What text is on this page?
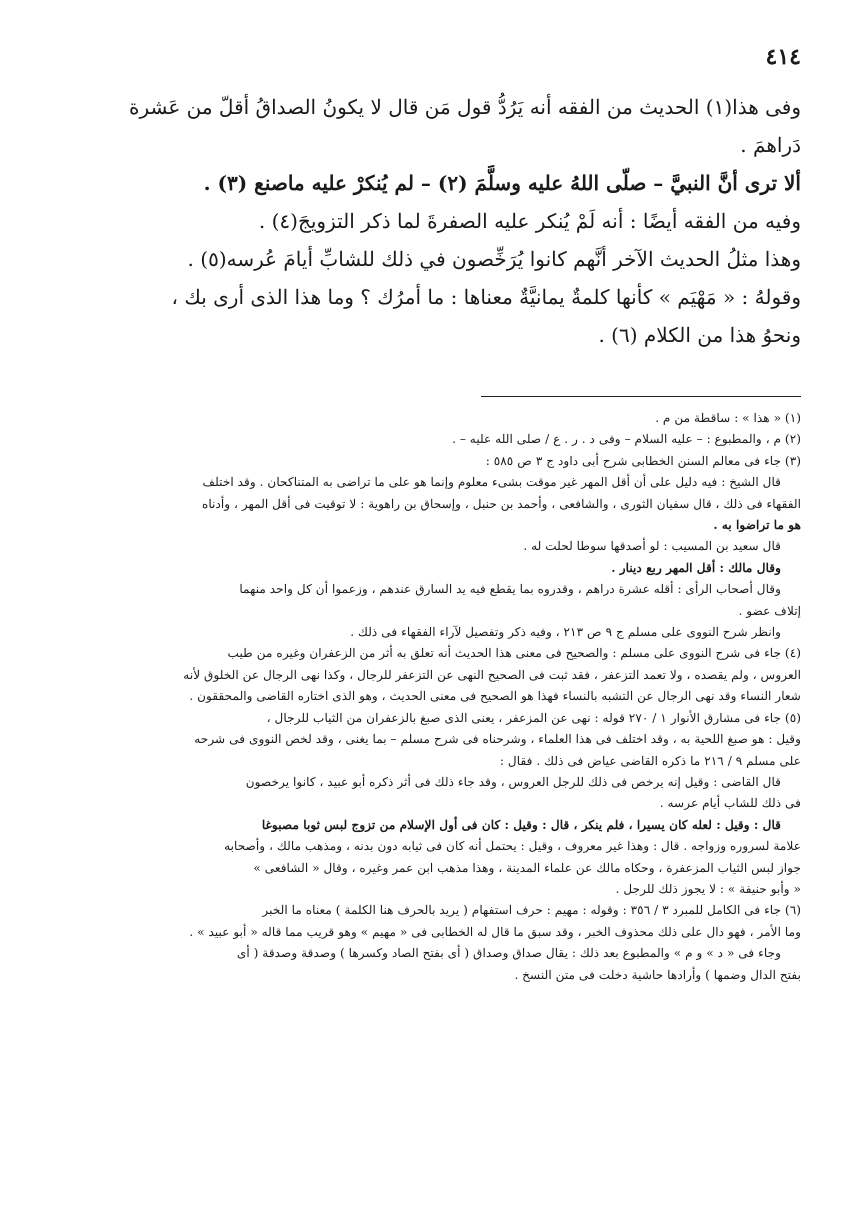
٤١٤

وفى هذا(١) الحديث من الفقه أنه يَرُدُّ قول مَن قال لا يكونُ الصداقُ أقلّ من عَشرة

دَراهمَ .

ألا ترى أنَّ النبيَّ – صلّى اللهُ عليه وسلَّمَ (٢) – لم يُنكرْ عليه ماصنع (٣) .

وفيه من الفقه أيضًا : أنه لَمْ يُنكر عليه الصفرةَ لما ذكر التزويجَ(٤) .

وهذا مثلُ الحديث الآخر أنَّهم كانوا يُرَخِّصون في ذلك للشابِّ أيامَ عُرسه(٥) .

وقولهُ : « مَهْيَم » كأنها كلمةٌ يمانيَّةٌ معناها : ما أمرُك ؟ وما هذا الذى أرى بك ،

ونحوُ هذا من الكلام (٦) .

(١) « هذا » : ساقطة من م .

(٢) م ، والمطبوع : – عليه السلام – وفى د . ر . ع / صلى الله عليه – .

(٣) جاء فى معالم السنن الخطابى شرح أبى داود ج ٣ ص ٥٨٥ :

قال الشيخ : فيه دليل على أن أقل المهر غير موقت بشىء معلوم وإنما هو على ما تراضى به المتناكحان . وقد اختلف

الفقهاء فى ذلك ، قال سفيان الثورى ، والشافعى ، وأحمد بن حنبل ، وإسحاق بن راهوية : لا توقيت فى أقل المهر ، وأدناه

هو ما تراضوا به .

قال سعيد بن المسيب : لو أصدقها سوطا لحلت له .

وقال مالك : أقل المهر ربع دينار .

وقال أصحاب الرأى : أقله عشرة دراهم ، وقدروه بما يقطع فيه يد السارق عندهم ، وزعموا أن كل واحد منهما

إتلاف عضو .

وانظر شرح النووى على مسلم ج ٩ ص ٢١٣ ، وفيه ذكر وتفصيل لآراء الفقهاء فى ذلك .

(٤) جاء فى شرح النووى على مسلم : والصحيح فى معنى هذا الحديث أنه تعلق به أثر من الزعفران وغيره من طيب

العروس ، ولم يقصده ، ولا تعمد التزعفر ، فقد ثبت فى الصحيح النهى عن التزعفر للرجال ، وكذا نهى الرجال عن الخلوق لأنه

شعار النساء وقد نهى الرجال عن التشبه بالنساء فهذا هو الصحيح فى معنى الحديث ، وهو الذى اختاره القاضى والمحققون .

(٥) جاء فى مشارق الأنوار ١ / ٢٧٠ قوله : نهى عن المزعفر ، يعنى الذى صبغ بالزعفران من الثياب للرجال ،

وقيل : هو صبغ اللحية به ، وقد اختلف فى هذا العلماء ، وشرحناه فى شرح مسلم – بما يغنى ، وقد لخص النووى فى شرحه

على مسلم ٩ / ٢١٦ ما ذكره القاضى عياض فى ذلك . فقال :

قال القاضى : وقيل إنه يرخص فى ذلك للرجل العروس ، وقد جاء ذلك فى أثر ذكره أبو عبيد ، كانوا يرخصون

فى ذلك للشاب أيام عرسه .

قال : وقيل : لعله كان يسيرا ، فلم ينكر ، قال : وقيل : كان فى أول الإسلام من تزوج لبس ثوبا مصبوغا

علامة لسروره وزواجه . قال : وهذا غير معروف ، وقيل : يحتمل أنه كان فى ثيابه دون بدنه ، ومذهب مالك ، وأصحابه

جواز لبس الثياب المزعفرة ، وحكاه مالك عن علماء المدينة ، وهذا مذهب ابن عمر وغيره ، وقال « الشافعى »

« وأبو حنيفة » : لا يجوز ذلك للرجل .

(٦) جاء فى الكامل للمبرد ٣ / ٣٥٦ : وقوله : مهيم : حرف استفهام ( يريد بالحرف هنا الكلمة ) معناه ما الخبر

وما الأمر ، فهو دال على ذلك محذوف الخبر ، وقد سبق ما قال له الخطابى فى « مهيم » وهو قريب مما قاله « أبو عبيد » .

وجاء فى « د » و م » والمطبوع بعد ذلك : يقال صداق وصداق ( أى بفتح الصاد وكسرها ) وصدقة وصدقة ( أى

بفتح الدال وضمها ) وأرادها حاشية دخلت فى متن النسخ .
